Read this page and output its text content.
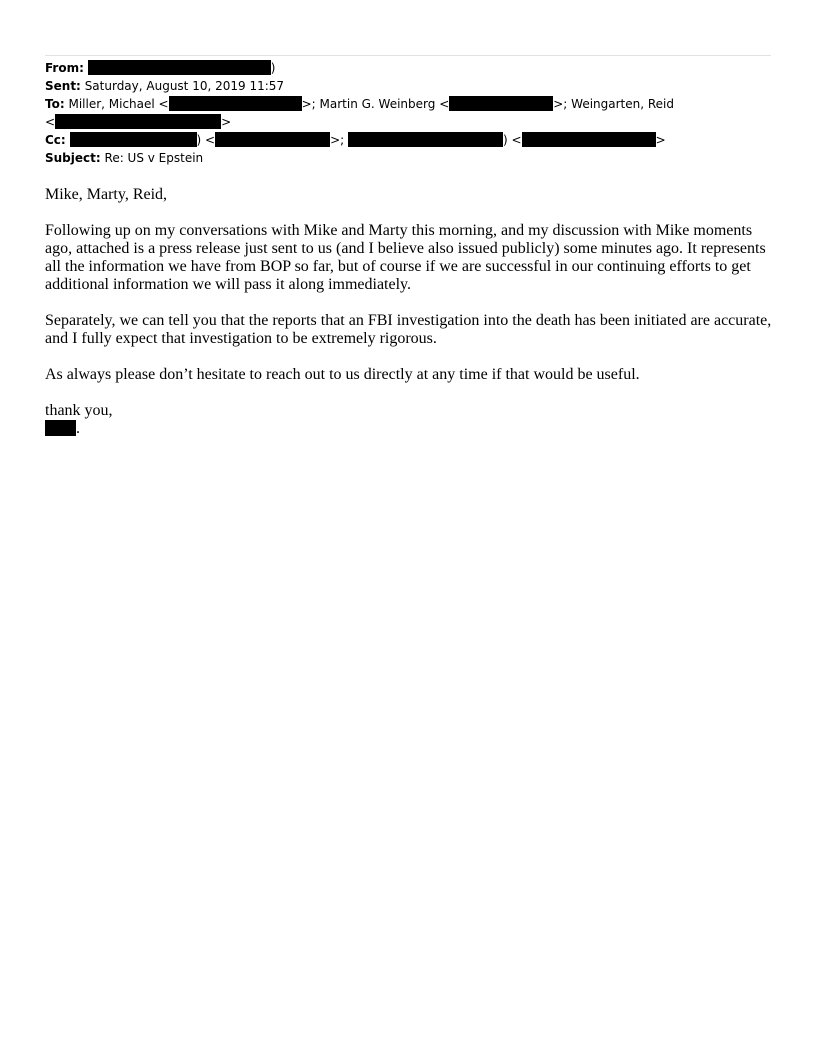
From:	)
Sent: Saturday, August 10, 2019 11:57
To: Miller, Michael <	>; Martin G. Weinberg <	>; Weingarten, Reid
<	>
Cc:	) <	>;	) <	>
Subject: Re: US v Epstein

Mike, Marty, Reid,

Following up on my conversations with Mike and Marty this morning, and my discussion with Mike moments ago, attached is a press release just sent to us (and I believe also issued publicly) some minutes ago. It represents all the information we have from BOP so far, but of course if we are successful in our continuing efforts to get additional information we will pass it along immediately.

Separately, we can tell you that the reports that an FBI investigation into the death has been initiated are accurate, and I fully expect that investigation to be extremely rigorous.

As always please don’t hesitate to reach out to us directly at any time if that would be useful.

thank you,

.
